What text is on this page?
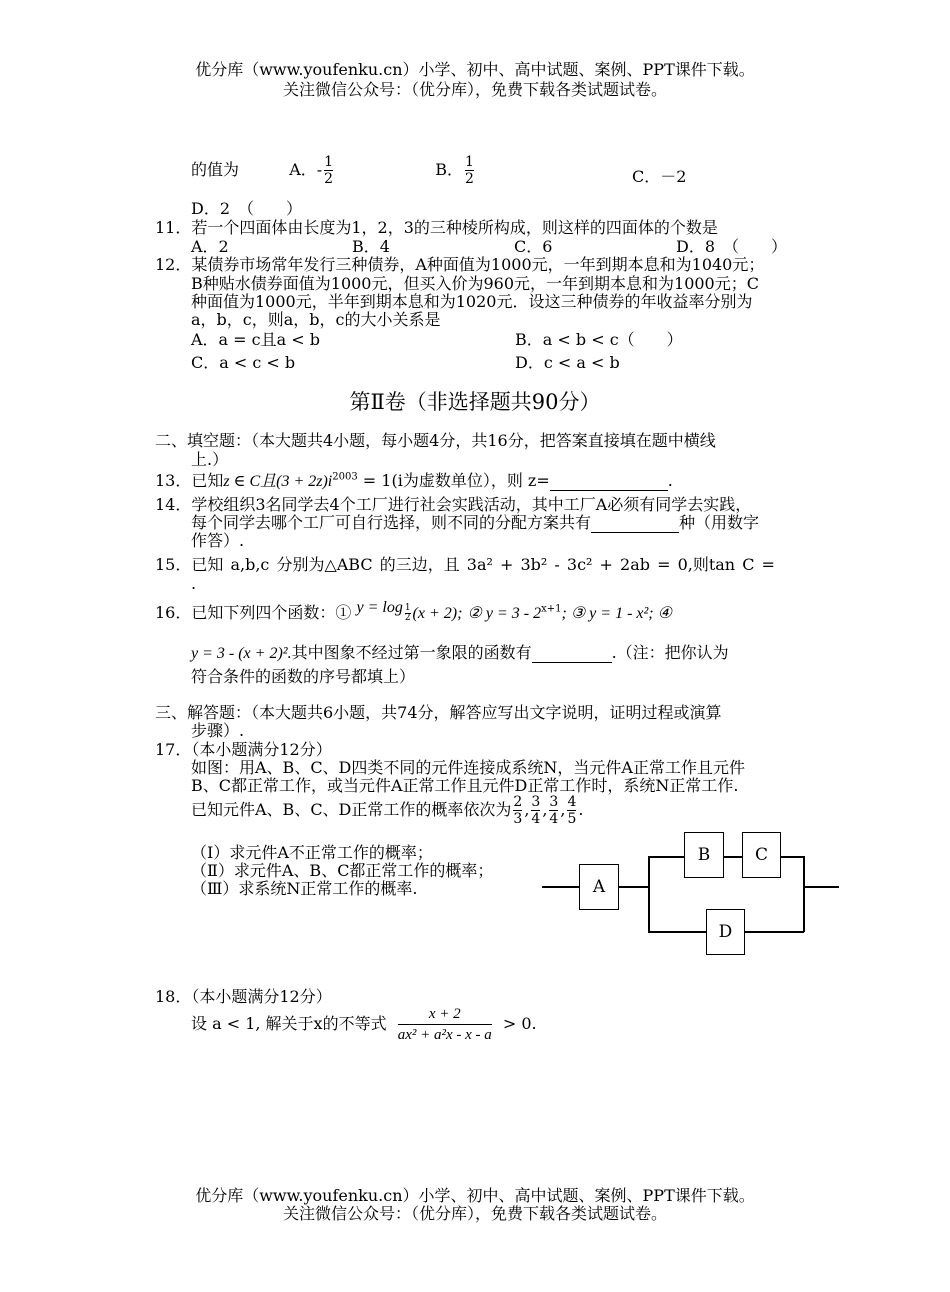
优分库（www.youfenku.cn）小学、初中、高中试题、案例、PPT课件下载。
关注微信公众号：（优分库），免费下载各类试题试卷。
的值为	A．- $\frac{1}{2}$	B． $\frac{1}{2}$	C．－2
D．2　（　　）
11．若一个四面体由长度为1，2，3的三种棱所构成，则这样的四面体的个数是
A．2	B．4	C．6	D．8　（　　）
12．某债券市场常年发行三种债券，A种面值为1000元，一年到期本息和为1040元；
B种贴水债券面值为1000元，但买入价为960元，一年到期本息和为1000元；C
种面值为1000元，半年到期本息和为1020元．设这三种债券的年收益率分别为
a，b，c，则a，b，c的大小关系是
A．a = c且a < b	B．a < b < c（　　）
C．a < c < b	D．c < a < b
第Ⅱ卷（非选择题共90分）
二、填空题：（本大题共4小题，每小题4分，共16分，把答案直接填在题中横线
上.）
13．已知z ∈ C且$(3 + 2z)i^{2003} = 1(i$为虚数单位），则 z=	.
14．学校组织3名同学去4个工厂进行社会实践活动，其中工厂A必须有同学去实践，
每个同学去哪个工厂可自行选择，则不同的分配方案共有	种（用数字
作答）.
15．已知 a,b,c 分别为△ABC 的三边，且 3a² + 3b² - 3c² + 2ab = 0,则tan C =
.
16．已知下列四个函数：① $y = \log \frac{1}{2} (x + 2)$; ② $y = 3 - 2^{x+1}$; ③ y = 1 - x²; ④
y = 3 - (x + 2)².其中图象不经过第一象限的函数有	.（注：把你认为
符合条件的函数的序号都填上）
三、解答题：（本大题共6小题，共74分，解答应写出文字说明，证明过程或演算
步骤）.
17．（本小题满分12分）
如图：用A、B、C、D四类不同的元件连接成系统N，当元件A正常工作且元件
B、C都正常工作，或当元件A正常工作且元件D正常工作时，系统N正常工作.
已知元件A、B、C、D正常工作的概率依次为 $\frac{2}{3}$ , $\frac{3}{4}$ , $\frac{3}{4}$ , $\frac{4}{5}$ .
（Ⅰ）求元件A不正常工作的概率；
（Ⅱ）求元件A、B、C都正常工作的概率；
（Ⅲ）求系统N正常工作的概率.	A
B	C
D
18．（本小题满分12分）
设 a < 1, 解关于x的不等式 $\frac{x + 2}{\text{ax² + a²x - x - a}} > 0$.
优分库（www.youfenku.cn）小学、初中、高中试题、案例、PPT课件下载。
关注微信公众号：（优分库），免费下载各类试题试卷。
